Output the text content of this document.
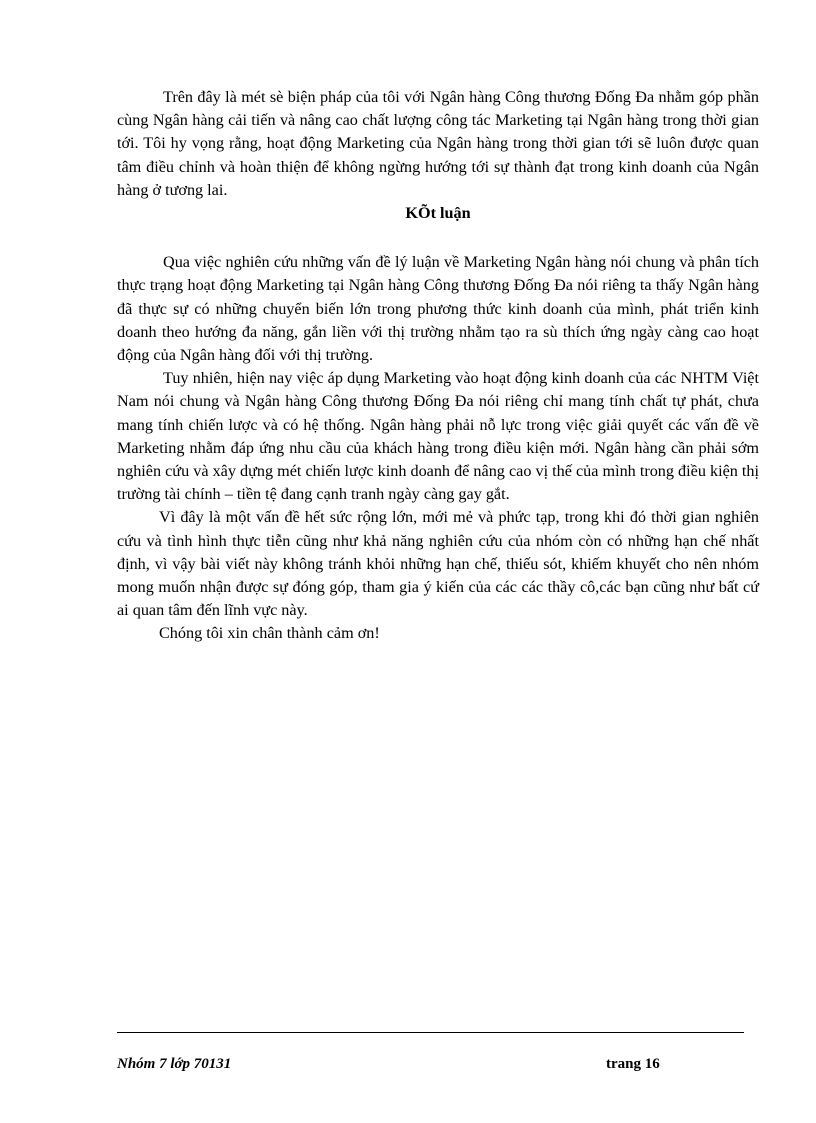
Trên đây là mét sè biện pháp của tôi với Ngân hàng Công thương Đống Đa nhằm góp phần cùng Ngân hàng cải tiến và nâng cao chất lượng công tác Marketing tại Ngân hàng trong thời gian tới. Tôi hy vọng rằng, hoạt động Marketing của Ngân hàng trong thời gian tới sẽ luôn được quan tâm điều chỉnh và hoàn thiện để không ngừng hướng tới sự thành đạt trong kinh doanh của Ngân hàng ở tương lai.

KÕt luận

Qua việc nghiên cứu những vấn đề lý luận về Marketing Ngân hàng nói chung và phân tích thực trạng hoạt động Marketing tại Ngân hàng Công thương Đống Đa nói riêng ta thấy Ngân hàng đã thực sự có những chuyển biến lớn trong phương thức kinh doanh của mình, phát triển kinh doanh theo hướng đa năng, gắn liền với thị trường nhằm tạo ra sù thích ứng ngày càng cao hoạt động của Ngân hàng đối với thị trường.

Tuy nhiên, hiện nay việc áp dụng Marketing vào hoạt động kinh doanh của các NHTM Việt Nam nói chung và Ngân hàng Công thương Đống Đa nói riêng chỉ mang tính chất tự phát, chưa mang tính chiến lược và có hệ thống. Ngân hàng phải nỗ lực trong việc giải quyết các vấn đề về Marketing nhằm đáp ứng nhu cầu của khách hàng trong điều kiện mới. Ngân hàng cần phải sớm nghiên cứu và xây dựng mét chiến lược kinh doanh để nâng cao vị thế của mình trong điều kiện thị trường tài chính – tiền tệ đang cạnh tranh ngày càng gay gắt.

Vì đây là một vấn đề hết sức rộng lớn, mới mẻ và phức tạp, trong khi đó thời gian nghiên cứu và tình hình thực tiễn cũng như khả năng nghiên cứu của nhóm còn có những hạn chế nhất định, vì vậy bài viết này không tránh khỏi những hạn chế, thiếu sót, khiếm khuyết cho nên nhóm mong muốn nhận được sự đóng góp, tham gia ý kiến của các các thầy cô,các bạn cũng như bất cứ ai quan tâm đến lĩnh vực này.

Chóng tôi xin chân thành cảm ơn!

Nhóm 7 lớp 70131	trang 16
